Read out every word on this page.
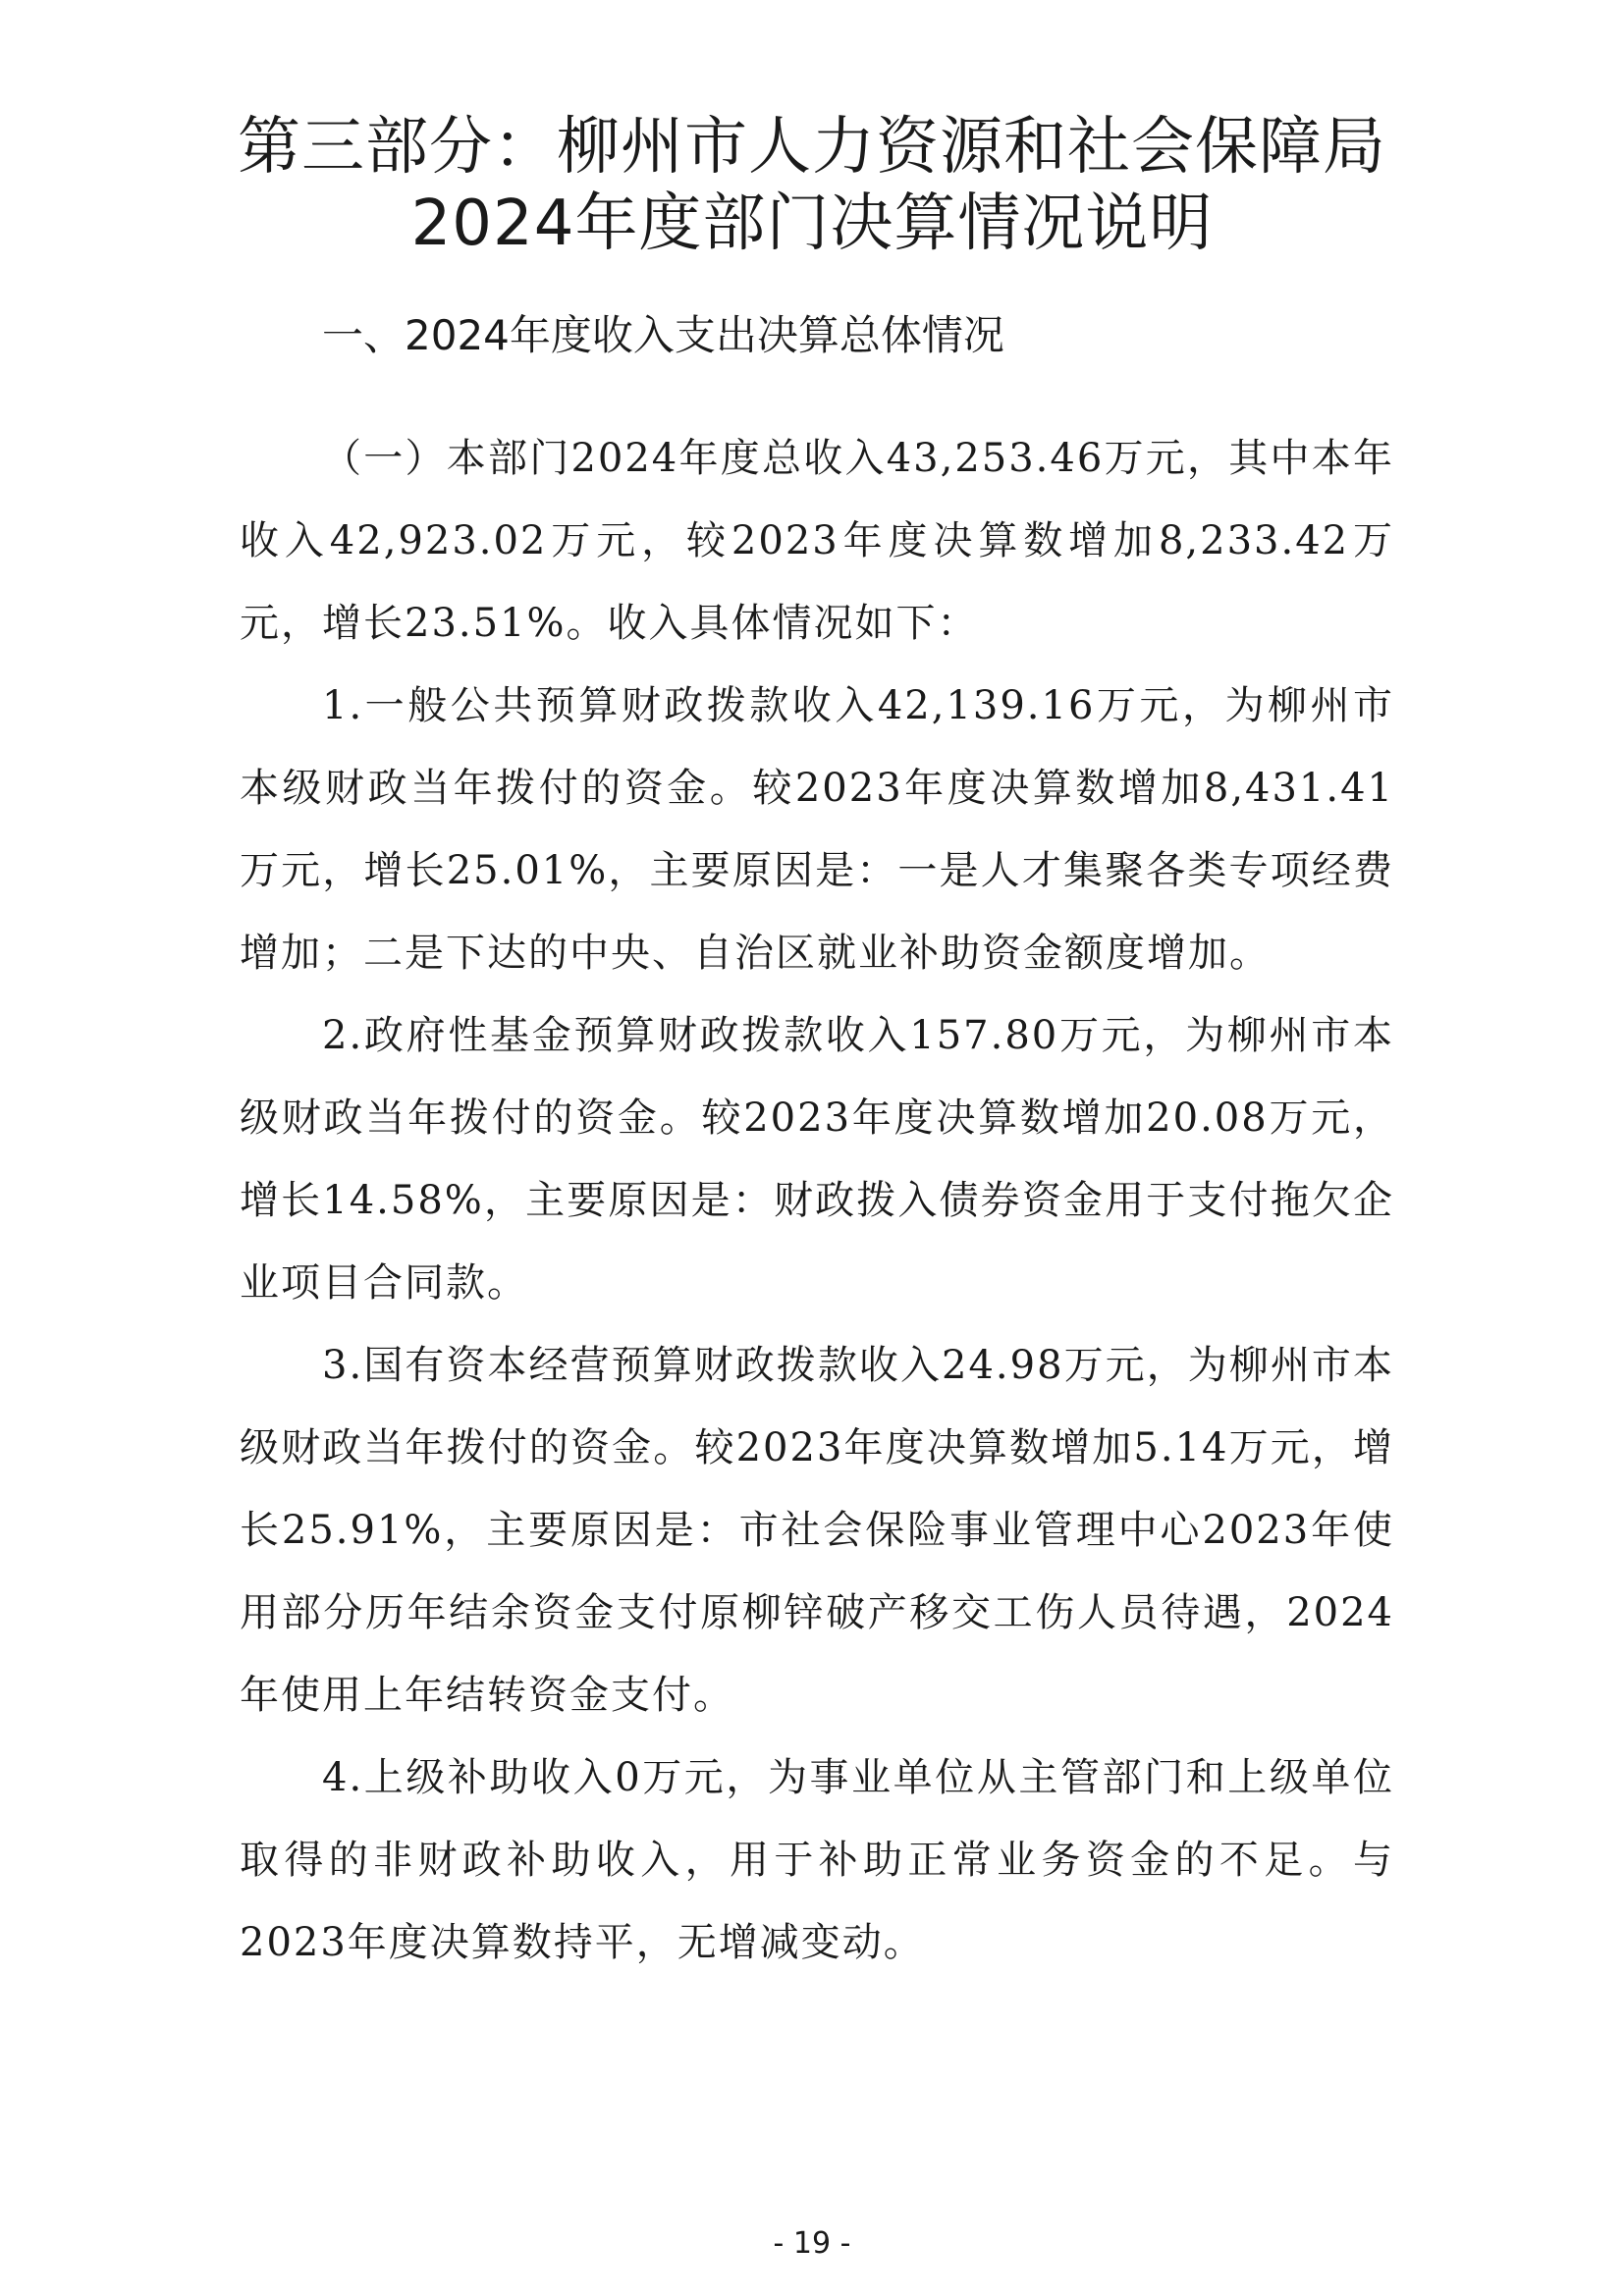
第三部分：柳州市人力资源和社会保障局
2024年度部门决算情况说明
一、2024年度收入支出决算总体情况

（一）本部门2024年度总收入43,253.46万元，其中本年收入42,923.02万元，较2023年度决算数增加8,233.42万元，增长23.51%。收入具体情况如下：

1.一般公共预算财政拨款收入42,139.16万元，为柳州市本级财政当年拨付的资金。较2023年度决算数增加8,431.41万元，增长25.01%，主要原因是：一是人才集聚各类专项经费增加；二是下达的中央、自治区就业补助资金额度增加。

2.政府性基金预算财政拨款收入157.80万元，为柳州市本级财政当年拨付的资金。较2023年度决算数增加20.08万元，增长14.58%，主要原因是：财政拨入债券资金用于支付拖欠企业项目合同款。

3.国有资本经营预算财政拨款收入24.98万元，为柳州市本级财政当年拨付的资金。较2023年度决算数增加5.14万元，增长25.91%，主要原因是：市社会保险事业管理中心2023年使用部分历年结余资金支付原柳锌破产移交工伤人员待遇，2024年使用上年结转资金支付。

4.上级补助收入0万元，为事业单位从主管部门和上级单位取得的非财政补助收入，用于补助正常业务资金的不足。与2023年度决算数持平，无增减变动。

- 19 -
